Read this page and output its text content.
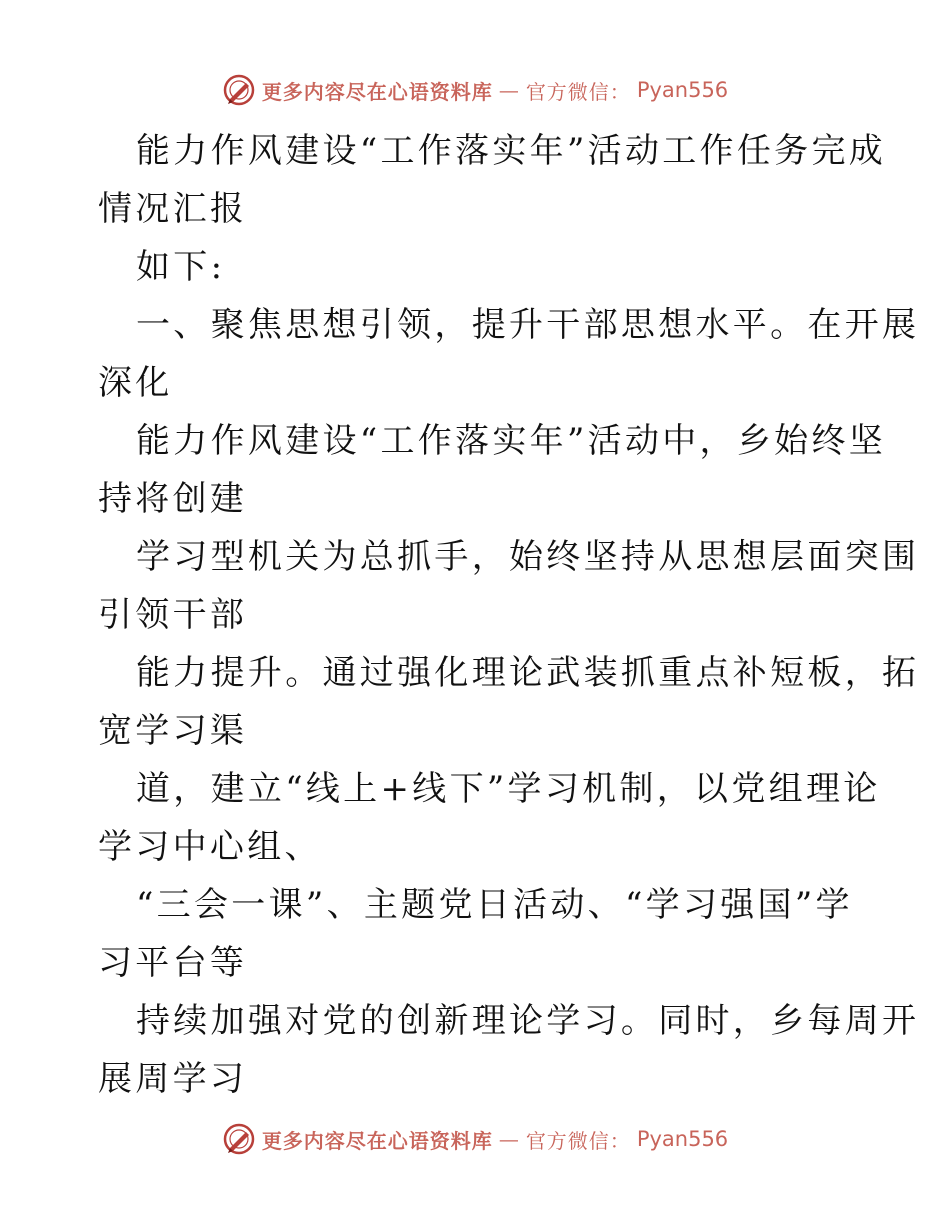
更多内容尽在心语资料库 — 官方微信： Pyan556
能力作风建设“工作落实年”活动工作任务完成
情况汇报
如下:
一、聚焦思想引领，提升干部思想水平。在开展
深化
能力作风建设“工作落实年”活动中，乡始终坚
持将创建
学习型机关为总抓手，始终坚持从思想层面突围
引领干部
能力提升。通过强化理论武装抓重点补短板，拓
宽学习渠
道，建立“线上+线下”学习机制，以党组理论
学习中心组、
“三会一课”、主题党日活动、“学习强国”学
习平台等
持续加强对党的创新理论学习。同时，乡每周开
展周学习
更多内容尽在心语资料库 — 官方微信： Pyan556
